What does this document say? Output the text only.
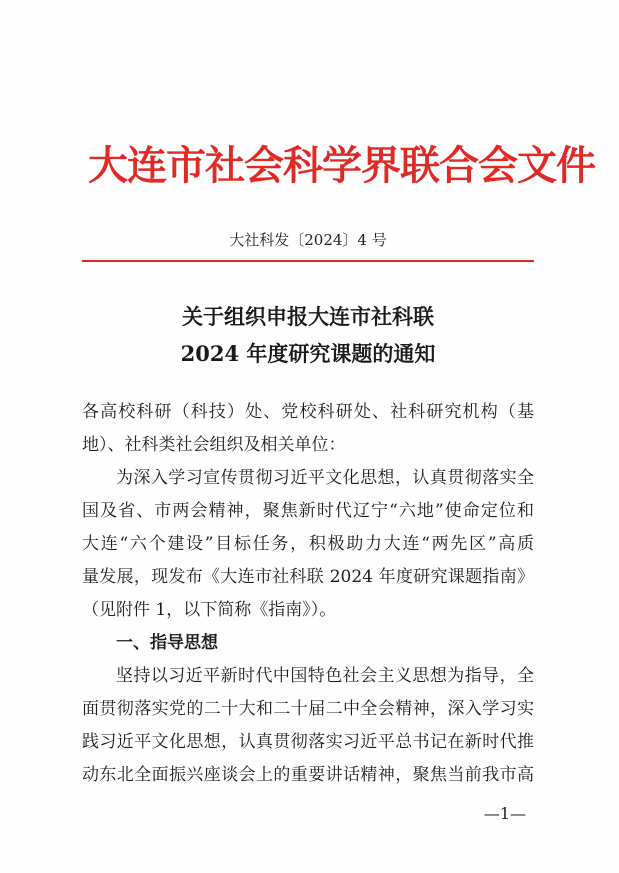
大连市社会科学界联合会文件
大社科发〔2024〕4 号
关于组织申报大连市社科联
2024 年度研究课题的通知
各高校科研（科技）处、党校科研处、社科研究机构（基
地）、社科类社会组织及相关单位：
为深入学习宣传贯彻习近平文化思想，认真贯彻落实全
国及省、市两会精神，聚焦新时代辽宁“六地”使命定位和
大连“六个建设”目标任务，积极助力大连“两先区”高质
量发展，现发布《大连市社科联 2024 年度研究课题指南》
（见附件 1，以下简称《指南》）。
一、指导思想
坚持以习近平新时代中国特色社会主义思想为指导，全
面贯彻落实党的二十大和二十届二中全会精神，深入学习实
践习近平文化思想，认真贯彻落实习近平总书记在新时代推
动东北全面振兴座谈会上的重要讲话精神，聚焦当前我市高
—1—
